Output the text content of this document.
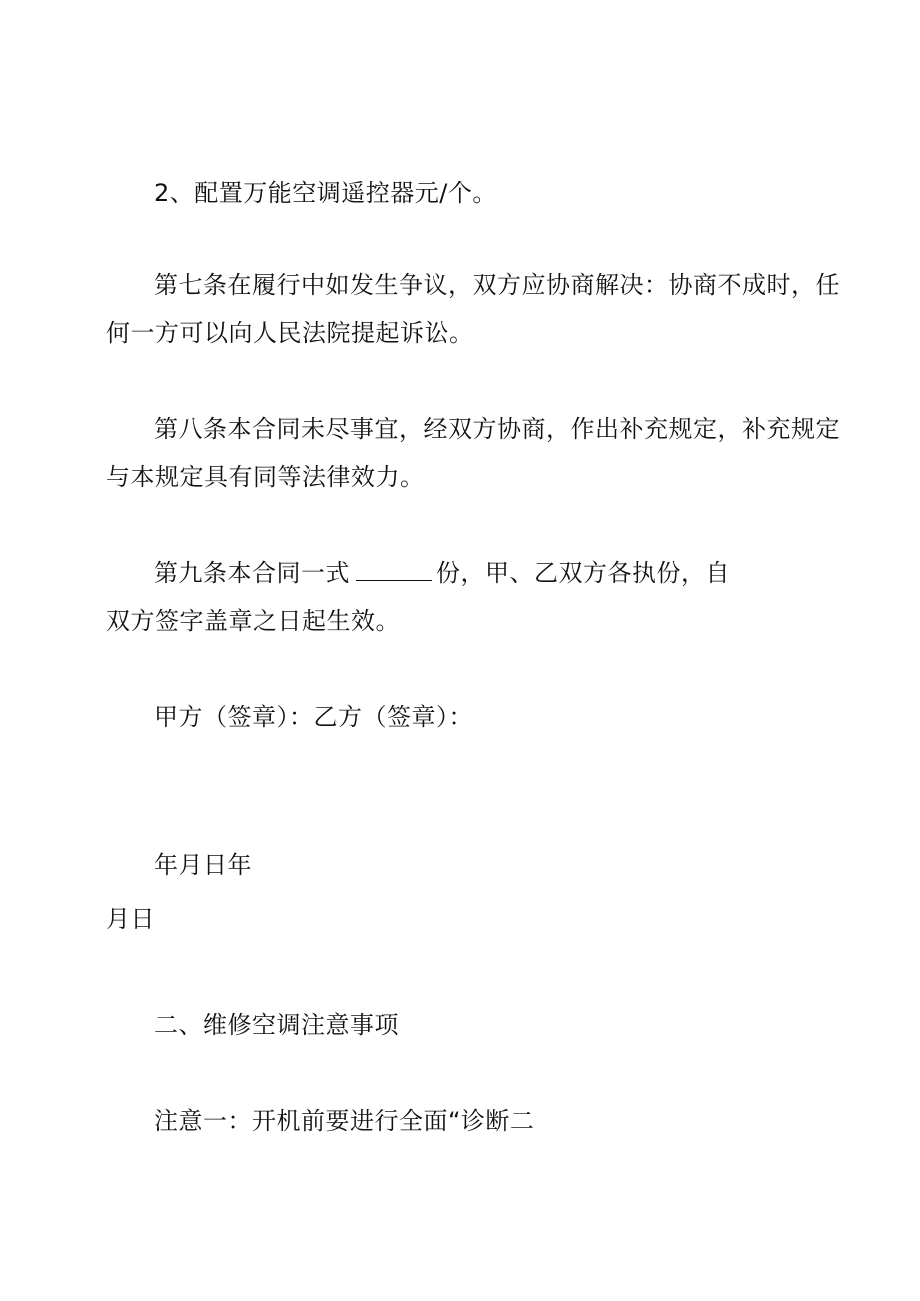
2、配置万能空调遥控器元/个。
第七条在履行中如发生争议，双方应协商解决：协商不成时，任
何一方可以向人民法院提起诉讼。
第八条本合同未尽事宜，经双方协商，作出补充规定，补充规定
与本规定具有同等法律效力。
第九条本合同一式	份，甲、乙双方各执份，自
双方签字盖章之日起生效。
甲方（签章）：乙方（签章）：
年月日年
月日
二、维修空调注意事项
注意一：开机前要进行全面“诊断二
